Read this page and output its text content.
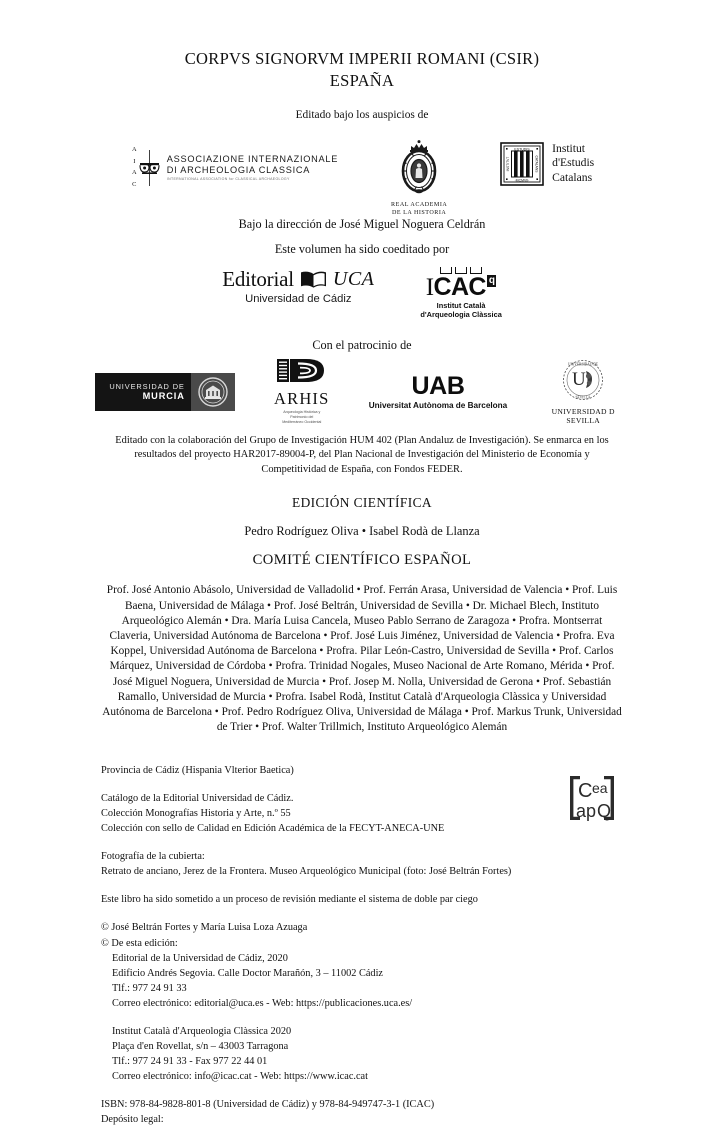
CORPVS SIGNORVM IMPERII ROMANI (CSIR)

ESPAÑA

Editado bajo los auspicios de

A
I
A
C
ASSOCIAZIONE INTERNAZIONALE
DI ARCHEOLOGIA CLASSICA
INTERNATIONAL ASSOCIATION for CLASSICAL ARCHAEOLOGY
REAL ACADEMIA
DE LA HISTORIA
ESTUDIS
·MCMVII·
INSTITVT	CATALANS
Institut
d'Estudis
Catalans

Bajo la dirección de José Miguel Noguera Celdrán

Este volumen ha sido coeditado por

Editorial UCA
Universidad de Cádiz	I CAC q
Institut Català
d'Arqueologia Clàssica

Con el patrocinio de

UNIVERSIDAD DE
MURCIA	ARHIS
Arqueología Histórica y
Patrimonio del
Mediterráneo Occidental
UAB
Universitat Autònoma de Barcelona
UNIVERSIDAD DE
SEVILLA
U
UNIVERSIDAD D SEVILLA

Editado con la colaboración del Grupo de Investigación HUM 402 (Plan Andaluz de Investigación). Se enmarca en los resultados del proyecto HAR2017-89004-P, del Plan Nacional de Investigación del Ministerio de Economía y Competitividad de España, con Fondos FEDER.

EDICIÓN CIENTÍFICA

Pedro Rodríguez Oliva • Isabel Rodà de Llanza

COMITÉ CIENTÍFICO ESPAÑOL

Prof. José Antonio Abásolo, Universidad de Valladolid • Prof. Ferrán Arasa, Universidad de Valencia • Prof. Luis Baena, Universidad de Málaga • Prof. José Beltrán, Universidad de Sevilla • Dr. Michael Blech, Instituto Arqueológico Alemán • Dra. María Luisa Cancela, Museo Pablo Serrano de Zaragoza • Profra. Montserrat Claveria, Universidad Autónoma de Barcelona • Prof. José Luis Jiménez, Universidad de Valencia • Profra. Eva Koppel, Universidad Autónoma de Barcelona • Profra. Pilar León-Castro, Universidad de Sevilla • Prof. Carlos Márquez, Universidad de Córdoba • Profra. Trinidad Nogales, Museo Nacional de Arte Romano, Mérida • Prof. José Miguel Noguera, Universidad de Murcia • Prof. Josep M. Nolla, Universidad de Gerona • Prof. Sebastián Ramallo, Universidad de Murcia • Profra. Isabel Rodà, Institut Català d'Arqueologia Clàssica y Universidad Autónoma de Barcelona • Prof. Pedro Rodríguez Oliva, Universidad de Málaga • Prof. Markus Trunk, Universidad de Trier • Prof. Walter Trillmich, Instituto Arqueológico Alemán

C ea
ap Q

Provincia de Cádiz (Hispania Vlterior Baetica)

Catálogo de la Editorial Universidad de Cádiz.

Colección Monografías Historia y Arte, n.º 55

Colección con sello de Calidad en Edición Académica de la FECYT-ANECA-UNE

Fotografía de la cubierta:

Retrato de anciano, Jerez de la Frontera. Museo Arqueológico Municipal (foto: José Beltrán Fortes)

Este libro ha sido sometido a un proceso de revisión mediante el sistema de doble par ciego

© José Beltrán Fortes y María Luisa Loza Azuaga

© De esta edición:

Editorial de la Universidad de Cádiz, 2020

Edificio Andrés Segovia. Calle Doctor Marañón, 3 – 11002 Cádiz

Tlf.: 977 24 91 33

Correo electrónico: editorial@uca.es - Web: https://publicaciones.uca.es/

Institut Català d'Arqueologia Clàssica 2020

Plaça d'en Rovellat, s/n – 43003 Tarragona

Tlf.: 977 24 91 33 - Fax 977 22 44 01

Correo electrónico: info@icac.cat - Web: https://www.icac.cat

ISBN: 978-84-9828-801-8 (Universidad de Cádiz) y 978-84-949747-3-1 (ICAC)

Depósito legal:
